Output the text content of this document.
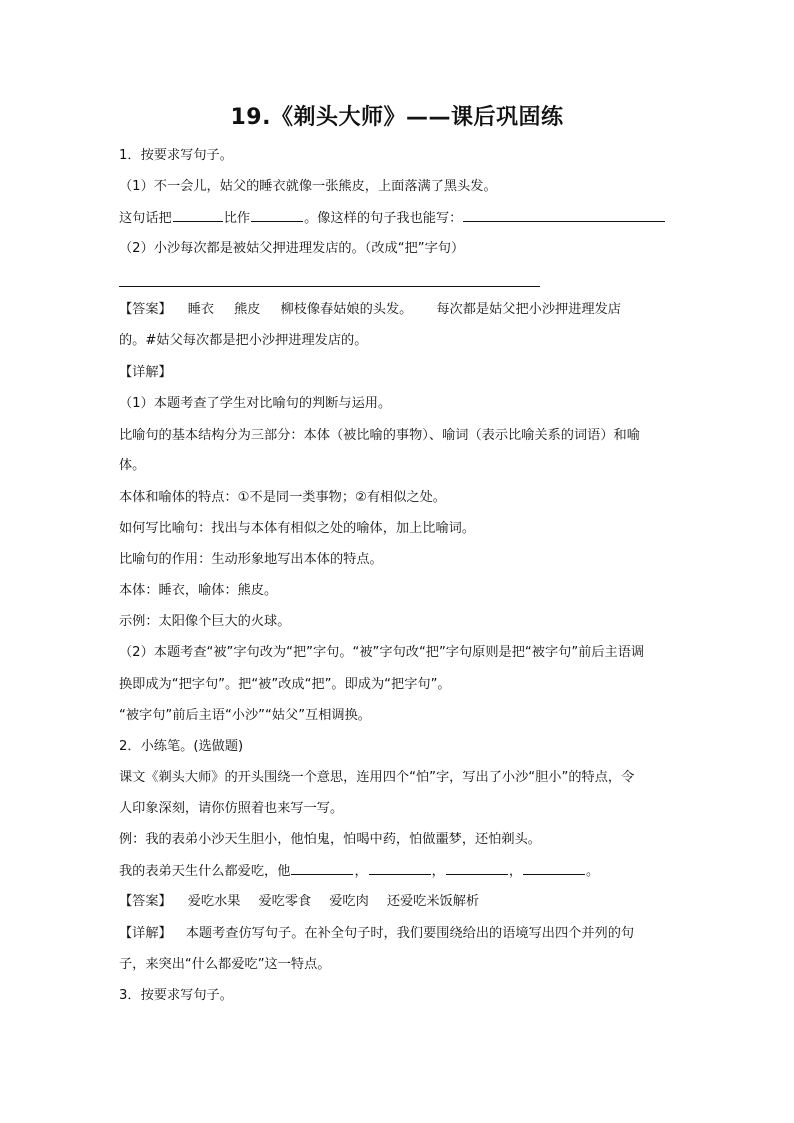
19.《剃头大师》——课后巩固练
1．按要求写句子。
（1）不一会儿，姑父的睡衣就像一张熊皮，上面落满了黑头发。
这句话把	比作	。像这样的句子我也能写：
（2）小沙每次都是被姑父押进理发店的。（改成“把”字句）
【答案】 睡衣 熊皮 柳枝像春姑娘的头发。 每次都是姑父把小沙押进理发店
的。#姑父每次都是把小沙押进理发店的。
【详解】
（1）本题考查了学生对比喻句的判断与运用。
比喻句的基本结构分为三部分：本体（被比喻的事物）、喻词（表示比喻关系的词语）和喻
体。
本体和喻体的特点：①不是同一类事物；②有相似之处。
如何写比喻句：找出与本体有相似之处的喻体，加上比喻词。
比喻句的作用：生动形象地写出本体的特点。
本体：睡衣，喻体：熊皮。
示例：太阳像个巨大的火球。
（2）本题考查“被”字句改为“把”字句。“被”字句改“把”字句原则是把“被字句”前后主语调
换即成为“把字句”。把“被”改成“把”。即成为“把字句”。
“被字句”前后主语“小沙”“姑父”互相调换。
2．小练笔。(选做题)
课文《剃头大师》的开头围绕一个意思，连用四个“怕”字，写出了小沙“胆小”的特点，令
人印象深刻，请你仿照着也来写一写。
例：我的表弟小沙天生胆小，他怕鬼，怕喝中药，怕做噩梦，还怕剃头。
我的表弟天生什么都爱吃，他	，	，	，	。
【答案】 爱吃水果 爱吃零食 爱吃肉 还爱吃米饭解析
【详解】 本题考查仿写句子。在补全句子时，我们要围绕给出的语境写出四个并列的句
子，来突出“什么都爱吃”这一特点。
3．按要求写句子。
